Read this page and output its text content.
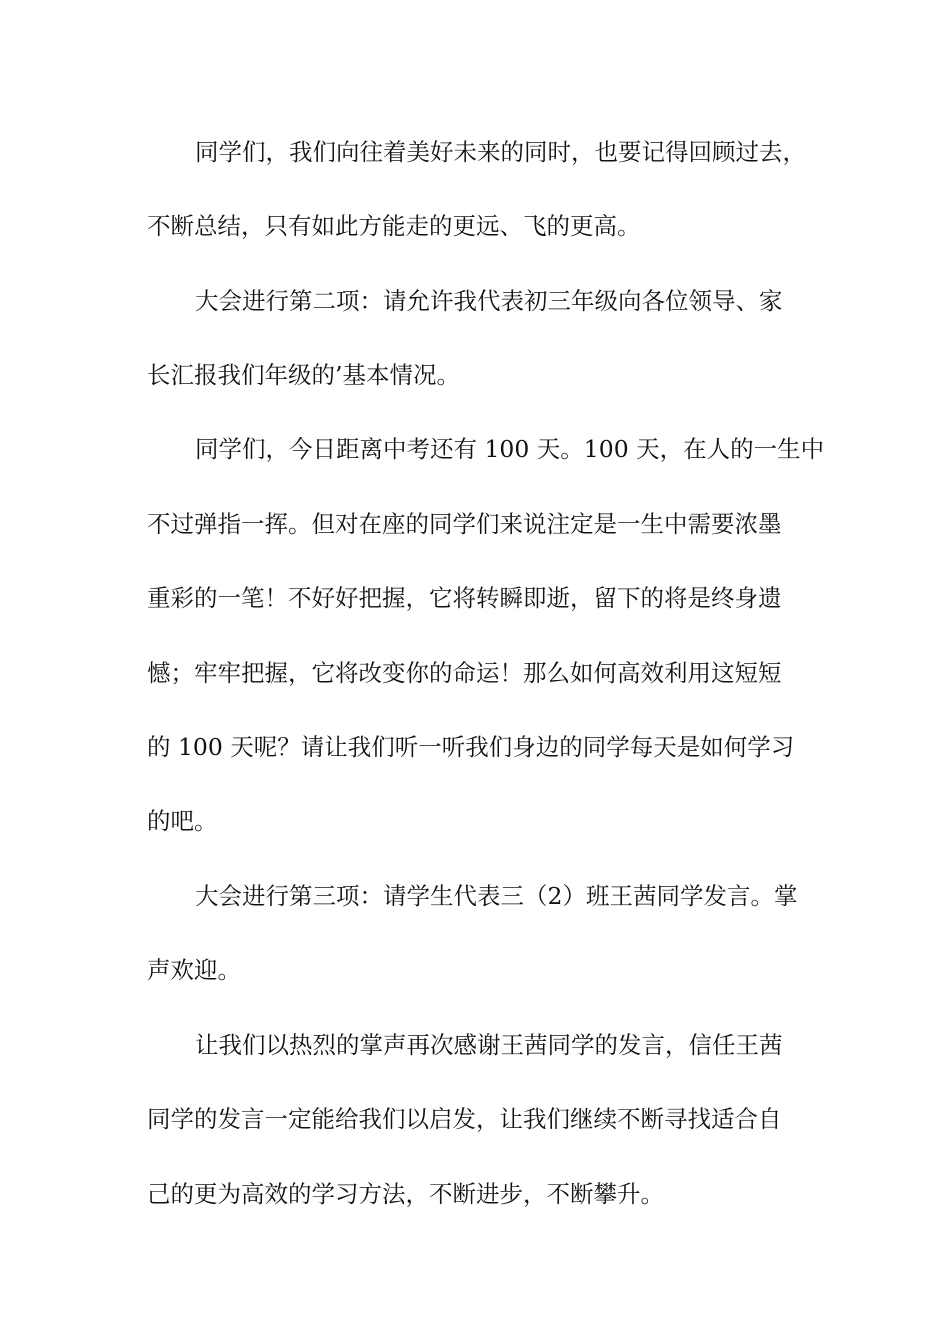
同学们，我们向往着美好未来的同时，也要记得回顾过去，
不断总结，只有如此方能走的更远、飞的更高。
大会进行第二项：请允许我代表初三年级向各位领导、家
长汇报我们年级的’基本情况。
同学们，今日距离中考还有 100 天。100 天，在人的一生中
不过弹指一挥。但对在座的同学们来说注定是一生中需要浓墨
重彩的一笔！不好好把握，它将转瞬即逝，留下的将是终身遗
憾；牢牢把握，它将改变你的命运！那么如何高效利用这短短
的 100 天呢？请让我们听一听我们身边的同学每天是如何学习
的吧。
大会进行第三项：请学生代表三（2）班王茜同学发言。掌
声欢迎。
让我们以热烈的掌声再次感谢王茜同学的发言，信任王茜
同学的发言一定能给我们以启发，让我们继续不断寻找适合自
己的更为高效的学习方法，不断进步，不断攀升。
